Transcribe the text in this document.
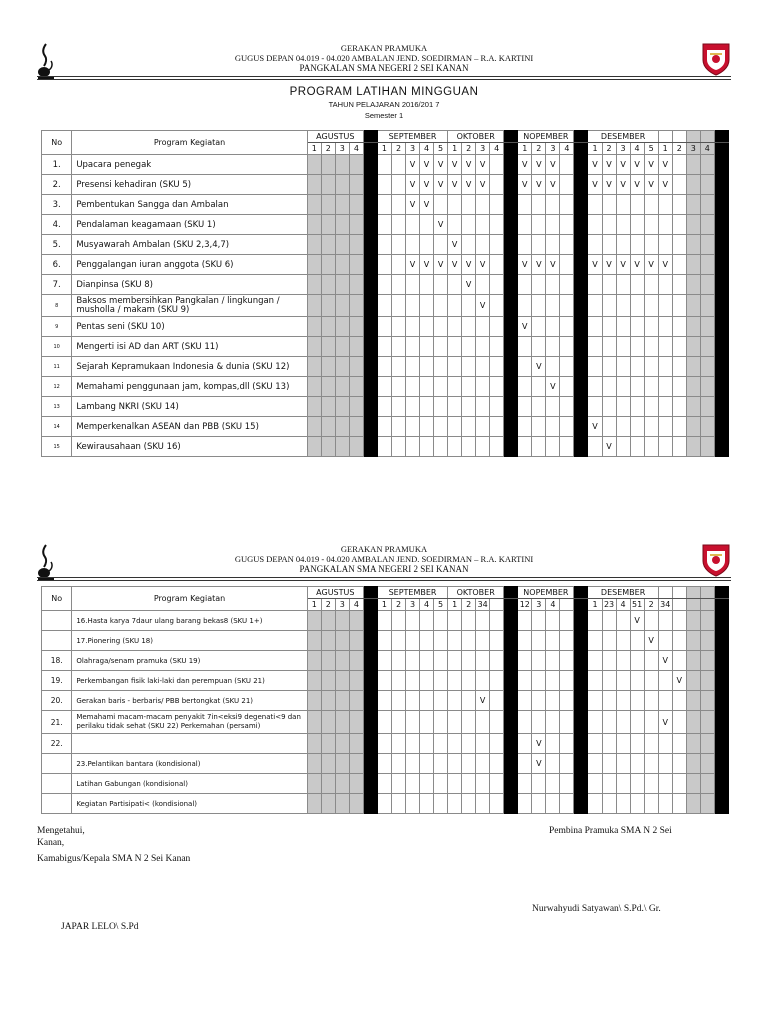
GERAKAN PRAMUKA
GUGUS DEPAN 04.019 - 04.020 AMBALAN JEND. SOEDIRMAN – R.A. KARTINI
PANGKALAN SMA NEGERI 2 SEI KANAN
PROGRAM LATIHAN MINGGUAN
TAHUN PELAJARAN 2016/201 7
Semester 1
No	Program Kegiatan	AGUSTUS					SEPTEMBER					OKTOBER					NOPEMBER					DESEMBER									
		1	2	3	4		1	2	3	4	5	1	2	3	4		1	2	3	4		1	2	3	4	5	1	2	3	4	
1.	Upacara penegak								V	V	V	V	V	V			V	V	V			V	V	V	V	V	V				
2.	Presensi kehadiran (SKU 5)								V	V	V	V	V	V			V	V	V			V	V	V	V	V	V				
3.	Pembentukan Sangga dan Ambalan								V	V																					
4.	Pendalaman keagamaan (SKU 1)										V																				
5.	Musyawarah Ambalan (SKU 2,3,4,7)											V																			
6.	Penggalangan iuran anggota (SKU 6)								V	V	V	V	V	V			V	V	V			V	V	V	V	V	V				
7.	Dianpinsa (SKU 8)												V																		
8	Baksos membersihkan Pangkalan / lingkungan / musholla / makam (SKU 9)													V																	
9	Pentas seni (SKU 10)																V														
10	Mengerti isi AD dan ART (SKU 11)																														
11	Sejarah Kepramukaan Indonesia & dunia (SKU 12)																	V													
12	Memahami penggunaan jam, kompas,dll (SKU 13)																		V												
13	Lambang NKRI (SKU 14)																														
14	Memperkenalkan ASEAN dan PBB (SKU 15)																					V									
15	Kewirausahaan (SKU 16)																						V								
GERAKAN PRAMUKA
GUGUS DEPAN 04.019 - 04.020 AMBALAN JEND. SOEDIRMAN – R.A. KARTINI
PANGKALAN SMA NEGERI 2 SEI KANAN
No	Program Kegiatan	AGUSTUS					SEPTEMBER					OKTOBER					NOPEMBER					DESEMBER									
		1	2	3	4		1	2	3	4	5	1	2	34			12	3	4			1	23	4	51	2	34				
	16.Hasta karya 7daur ulang barang bekas8 (SKU 1+)																								V						
	17.Pionering (SKU 18)																									V					
18.	Olahraga/senam pramuka (SKU 19)																										V				
19.	Perkembangan fisik laki-laki dan perempuan (SKU 21)																											V			
20.	Gerakan baris - berbaris/ PBB bertongkat (SKU 21)													V																	
21.	Memahami macam-macam penyakit 7in<eksi9 degenati<9 dan perilaku tidak sehat (SKU 22) Perkemahan (persami)																										V				
22.																		V													
	23.Pelantikan bantara (kondisional)																	V													
	Latihan Gabungan (kondisional)																														
	Kegiatan Partisipati< (kondisional)																														
Mengetahui,
Kanan,
Kamabigus/Kepala SMA N 2 Sei Kanan
JAPAR LELO\ S.Pd
Pembina Pramuka SMA N 2 Sei
Nurwahyudi Satyawan\ S.Pd.\ Gr.
